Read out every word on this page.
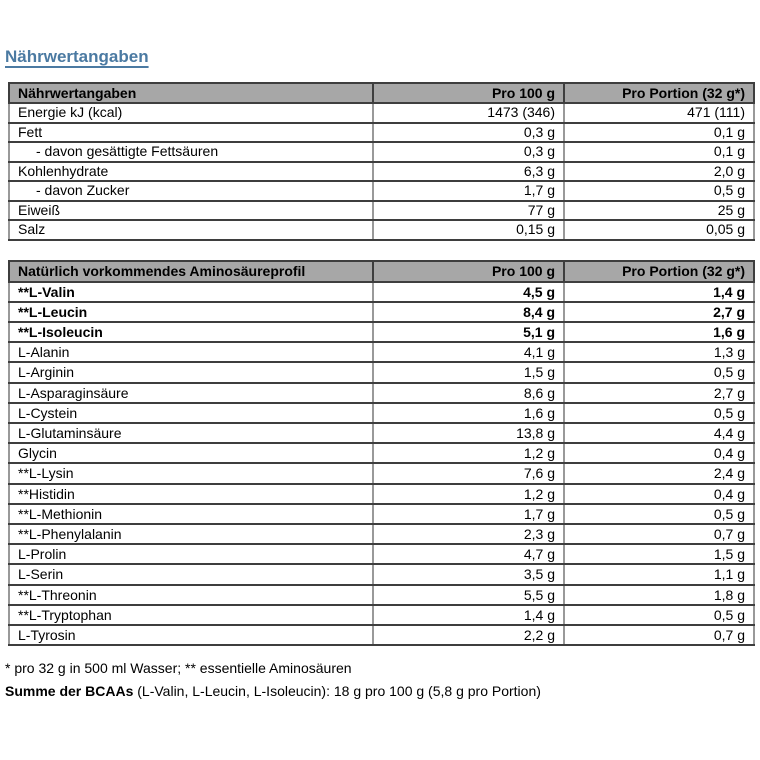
Nährwertangaben
Nährwertangaben	Pro 100 g	Pro Portion (32 g*)
Energie kJ (kcal)	1473 (346)	471 (111)
Fett	0,3 g	0,1 g
- davon gesättigte Fettsäuren	0,3 g	0,1 g
Kohlenhydrate	6,3 g	2,0 g
- davon Zucker	1,7 g	0,5 g
Eiweiß	77 g	25 g
Salz	0,15 g	0,05 g
Natürlich vorkommendes Aminosäureprofil	Pro 100 g	Pro Portion (32 g*)
**L-Valin	4,5 g	1,4 g
**L-Leucin	8,4 g	2,7 g
**L-Isoleucin	5,1 g	1,6 g
L-Alanin	4,1 g	1,3 g
L-Arginin	1,5 g	0,5 g
L-Asparaginsäure	8,6 g	2,7 g
L-Cystein	1,6 g	0,5 g
L-Glutaminsäure	13,8 g	4,4 g
Glycin	1,2 g	0,4 g
**L-Lysin	7,6 g	2,4 g
**Histidin	1,2 g	0,4 g
**L-Methionin	1,7 g	0,5 g
**L-Phenylalanin	2,3 g	0,7 g
L-Prolin	4,7 g	1,5 g
L-Serin	3,5 g	1,1 g
**L-Threonin	5,5 g	1,8 g
**L-Tryptophan	1,4 g	0,5 g
L-Tyrosin	2,2 g	0,7 g

* pro 32 g in 500 ml Wasser; ** essentielle Aminosäuren
Summe der BCAAs (L-Valin, L-Leucin, L-Isoleucin): 18 g pro 100 g (5,8 g pro Portion)
